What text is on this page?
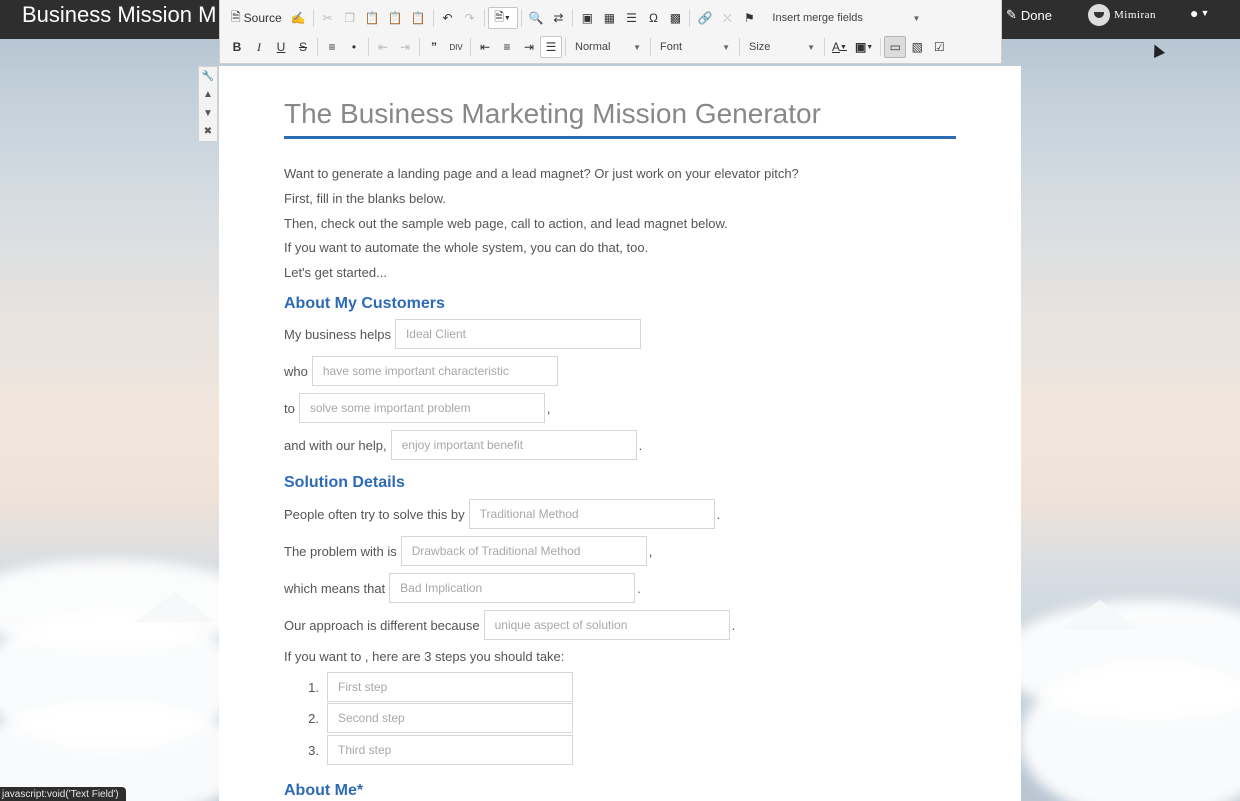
Business Mission M	✎ Done	Mimiran ● ▼
🗎 Source ✍	✂ ❐ 📋 📋 📋	↶ ↷	🗎 ▼	🔍 ⇄	▣ ▦ ☰	Ω ▩	🔗 ⛌	⚑	Insert merge fields	▼
B	I	U	S	≡	•	⇤ ⇥	”	DIV	⇤	≡	⇥ ☰	Normal	▼ Font	▼ Size	▼	A ▼ ▣ ▼	▭ ▧ ☑
🔧
▲
▼
✖
The Business Marketing Mission Generator

Want to generate a landing page and a lead magnet? Or just work on your elevator pitch?

First, fill in the blanks below.

Then, check out the sample web page, call to action, and lead magnet below.

If you want to automate the whole system, you can do that, too.

Let's get started...

About My Customers
My business helps	Ideal Client
who	have some important characteristic
to	solve some important problem	,
and with our help,	enjoy important benefit	.
Solution Details
People often try to solve this by	Traditional Method	.
The problem with is	Drawback of Traditional Method	,
which means that	Bad Implication	.
Our approach is different because	unique aspect of solution	.

If you want to , here are 3 steps you should take:

1.	First step
2.	Second step
3.	Third step
About Me*
javascript:void('Text Field')
